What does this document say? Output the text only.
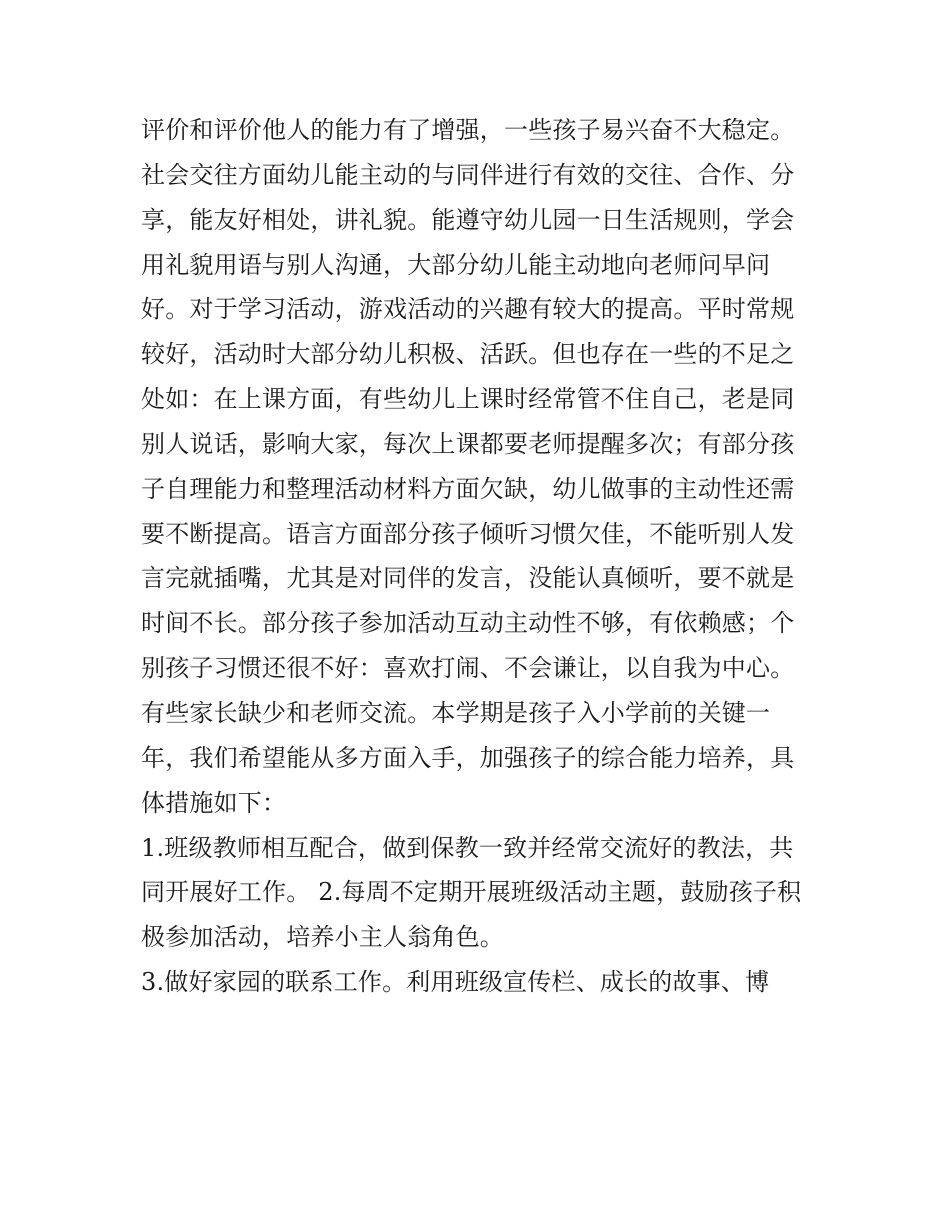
评价和评价他人的能力有了增强，一些孩子易兴奋不大稳定。
社会交往方面幼儿能主动的与同伴进行有效的交往、合作、分
享，能友好相处，讲礼貌。能遵守幼儿园一日生活规则，学会
用礼貌用语与别人沟通，大部分幼儿能主动地向老师问早问
好。对于学习活动，游戏活动的兴趣有较大的提高。平时常规
较好，活动时大部分幼儿积极、活跃。但也存在一些的不足之
处如：在上课方面，有些幼儿上课时经常管不住自己，老是同
别人说话，影响大家，每次上课都要老师提醒多次；有部分孩
子自理能力和整理活动材料方面欠缺，幼儿做事的主动性还需
要不断提高。语言方面部分孩子倾听习惯欠佳，不能听别人发
言完就插嘴，尤其是对同伴的发言，没能认真倾听，要不就是
时间不长。部分孩子参加活动互动主动性不够，有依赖感；个
别孩子习惯还很不好：喜欢打闹、不会谦让，以自我为中心。
有些家长缺少和老师交流。本学期是孩子入小学前的关键一
年，我们希望能从多方面入手，加强孩子的综合能力培养，具
体措施如下：
1.班级教师相互配合，做到保教一致并经常交流好的教法，共
同开展好工作。 2.每周不定期开展班级活动主题，鼓励孩子积
极参加活动，培养小主人翁角色。
3.做好家园的联系工作。利用班级宣传栏、成长的故事、博
